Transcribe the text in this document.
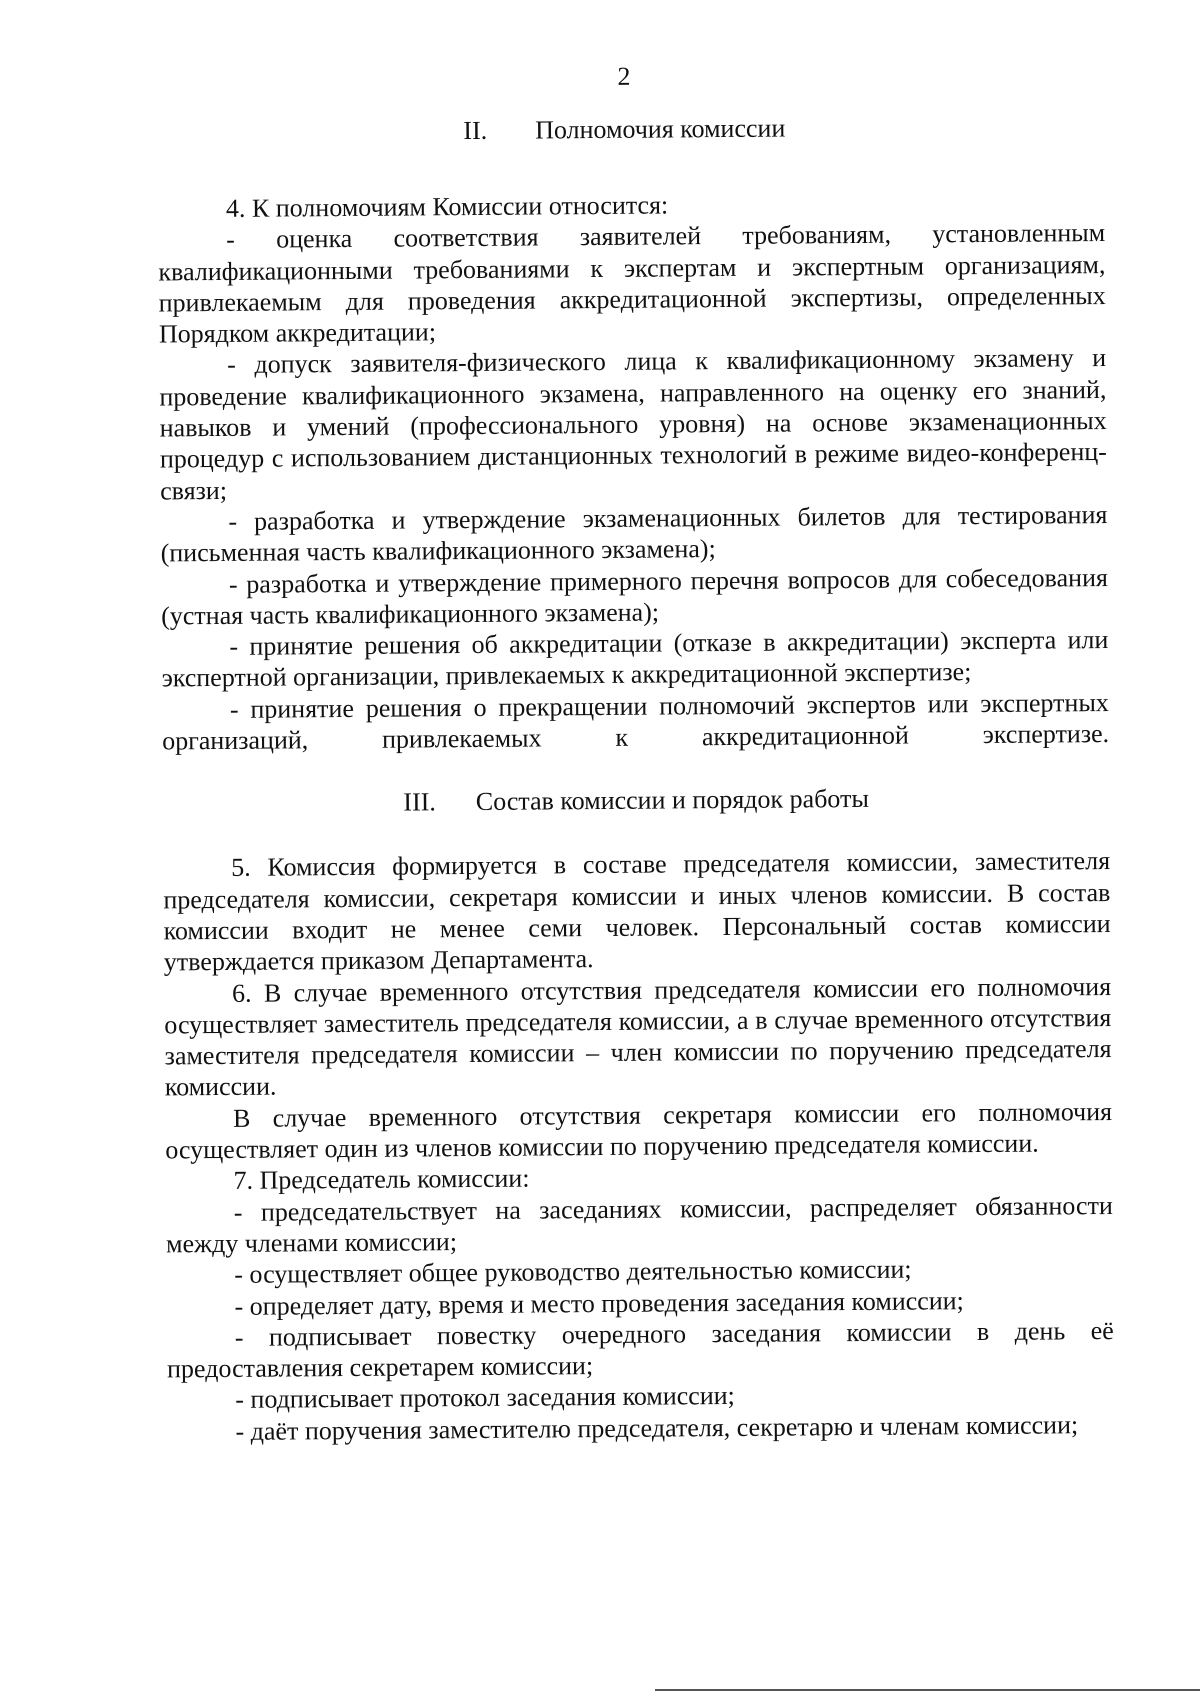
2
II. Полномочия комиссии

4. К полномочиям Комиссии относится:

- оценка соответствия заявителей требованиям, установленным квалификационными требованиями к экспертам и экспертным организациям, привлекаемым для проведения аккредитационной экспертизы, определенных Порядком аккредитации;

- допуск заявителя-физического лица к квалификационному экзамену и проведение квалификационного экзамена, направленного на оценку его знаний, навыков и умений (профессионального уровня) на основе экзаменационных процедур с использованием дистанционных технологий в режиме видео-конференц-связи;

- разработка и утверждение экзаменационных билетов для тестирования (письменная часть квалификационного экзамена);

- разработка и утверждение примерного перечня вопросов для собеседования (устная часть квалификационного экзамена);

- принятие решения об аккредитации (отказе в аккредитации) эксперта или экспертной организации, привлекаемых к аккредитационной экспертизе;

- принятие решения о прекращении полномочий экспертов или экспертных организаций, привлекаемых к аккредитационной экспертизе.

III. Состав комиссии и порядок работы

5. Комиссия формируется в составе председателя комиссии, заместителя председателя комиссии, секретаря комиссии и иных членов комиссии. В состав комиссии входит не менее семи человек. Персональный состав комиссии утверждается приказом Департамента.

6. В случае временного отсутствия председателя комиссии его полномочия осуществляет заместитель председателя комиссии, а в случае временного отсутствия заместителя председателя комиссии – член комиссии по поручению председателя комиссии.

В случае временного отсутствия секретаря комиссии его полномочия осуществляет один из членов комиссии по поручению председателя комиссии.

7. Председатель комиссии:

- председательствует на заседаниях комиссии, распределяет обязанности между членами комиссии;

- осуществляет общее руководство деятельностью комиссии;

- определяет дату, время и место проведения заседания комиссии;

- подписывает повестку очередного заседания комиссии в день её предоставления секретарем комиссии;

- подписывает протокол заседания комиссии;

- даёт поручения заместителю председателя, секретарю и членам комиссии;
